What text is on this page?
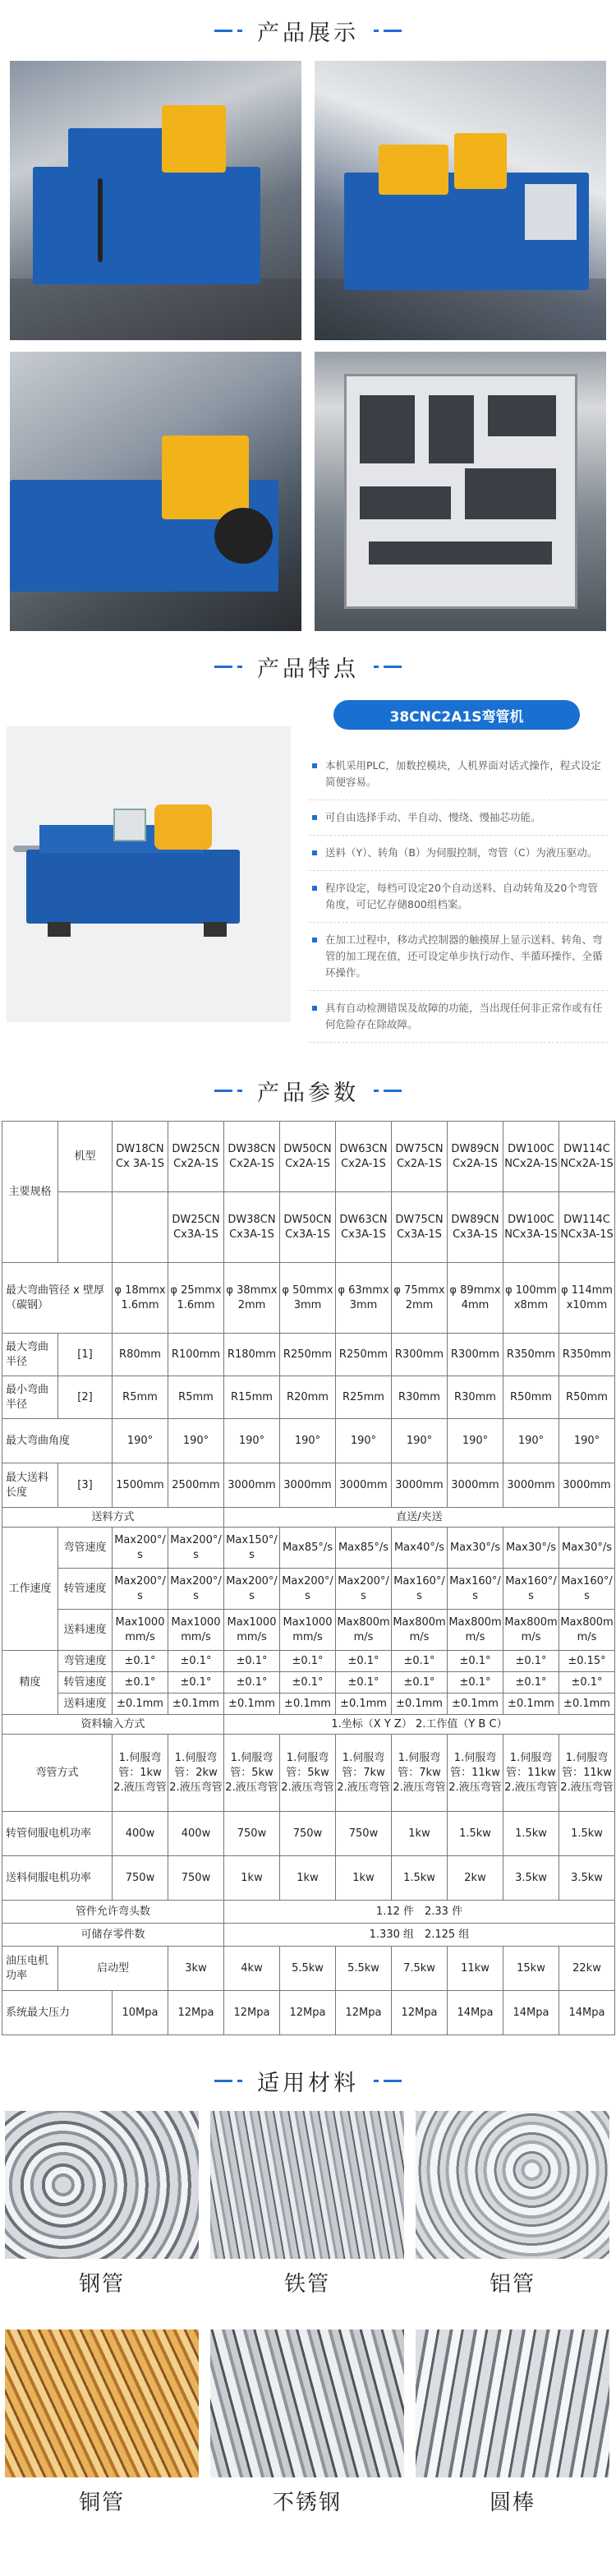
产品展示
产品特点
38CNC2A1S弯管机
本机采用PLC，加数控模块，人机界面对话式操作，程式设定简便容易。
可自由选择手动、半自动、慢绕、慢抽芯功能。
送料（Y）、转角（B）为伺服控制，弯管（C）为液压驱动。
程序设定，每档可设定20个自动送料、自动转角及20个弯管角度，可记忆存储800组档案。
在加工过程中，移动式控制器的触摸屏上显示送料、转角、弯管的加工现在值，还可设定单步执行动作、半循环操作、全循环操作。
具有自动检测错误及故障的功能，当出现任何非正常作或有任何危险存在除故障。
产品参数
主要规格	机型	DW18CNCx 3A-1S	DW25CNCx2A-1S	DW38CNCx2A-1S	DW50CNCx2A-1S	DW63CNCx2A-1S	DW75CNCx2A-1S	DW89CNCx2A-1S	DW100CNCx2A-1S	DW114CNCx2A-1S
			DW25CNCx3A-1S	DW38CNCx3A-1S	DW50CNCx3A-1S	DW63CNCx3A-1S	DW75CNCx3A-1S	DW89CNCx3A-1S	DW100CNCx3A-1S	DW114CNCx3A-1S
最大弯曲管径 x 壁厚（碳钢）		φ 18mmx1.6mm	φ 25mmx1.6mm	φ 38mmx2mm	φ 50mmx3mm	φ 63mmx3mm	φ 75mmx2mm	φ 89mmx4mm	φ 100mmx8mm	φ 114mmx10mm
最大弯曲半径	[1]	R80mm	R100mm	R180mm	R250mm	R250mm	R300mm	R300mm	R350mm	R350mm
最小弯曲半径	[2]	R5mm	R5mm	R15mm	R20mm	R25mm	R30mm	R30mm	R50mm	R50mm
最大弯曲角度		190°	190°	190°	190°	190°	190°	190°	190°	190°
最大送料长度	[3]	1500mm	2500mm	3000mm	3000mm	3000mm	3000mm	3000mm	3000mm	3000mm
送料方式				直送/夹送						
工作速度	弯管速度	Max200°/s	Max200°/s	Max150°/s	Max85°/s	Max85°/s	Max40°/s	Max30°/s	Max30°/s	Max30°/s
	转管速度	Max200°/s	Max200°/s	Max200°/s	Max200°/s	Max200°/s	Max160°/s	Max160°/s	Max160°/s	Max160°/s
	送料速度	Max1000mm/s	Max1000mm/s	Max1000mm/s	Max1000mm/s	Max800mm/s	Max800mm/s	Max800mm/s	Max800mm/s	Max800mm/s
精度	弯管速度	±0.1°	±0.1°	±0.1°	±0.1°	±0.1°	±0.1°	±0.1°	±0.1°	±0.15°
	转管速度	±0.1°	±0.1°	±0.1°	±0.1°	±0.1°	±0.1°	±0.1°	±0.1°	±0.1°
	送料速度	±0.1mm	±0.1mm	±0.1mm	±0.1mm	±0.1mm	±0.1mm	±0.1mm	±0.1mm	±0.1mm
资料输入方式				1.坐标（X Y Z） 2.工作值（Y B C）						
弯管方式		1.伺服弯管：1kw 2.液压弯管	1.伺服弯管：2kw 2.液压弯管	1.伺服弯管：5kw 2.液压弯管	1.伺服弯管：5kw 2.液压弯管	1.伺服弯管：7kw 2.液压弯管	1.伺服弯管：7kw 2.液压弯管	1.伺服弯管：11kw 2.液压弯管	1.伺服弯管：11kw 2.液压弯管	1.伺服弯管：11kw 2.液压弯管
转管伺服电机功率		400w	400w	750w	750w	750w	1kw	1.5kw	1.5kw	1.5kw
送料伺服电机功率		750w	750w	1kw	1kw	1kw	1.5kw	2kw	3.5kw	3.5kw
管件允许弯头数				1.12 件　2.33 件						
可储存零件数				1.330 组　2.125 组						
油压电机功率	启动型		3kw	4kw	5.5kw	5.5kw	7.5kw	11kw	15kw	22kw
系统最大压力		10Mpa	12Mpa	12Mpa	12Mpa	12Mpa	12Mpa	14Mpa	14Mpa	14Mpa
适用材料
钢管	铁管	铝管
铜管	不锈钢	圆棒
